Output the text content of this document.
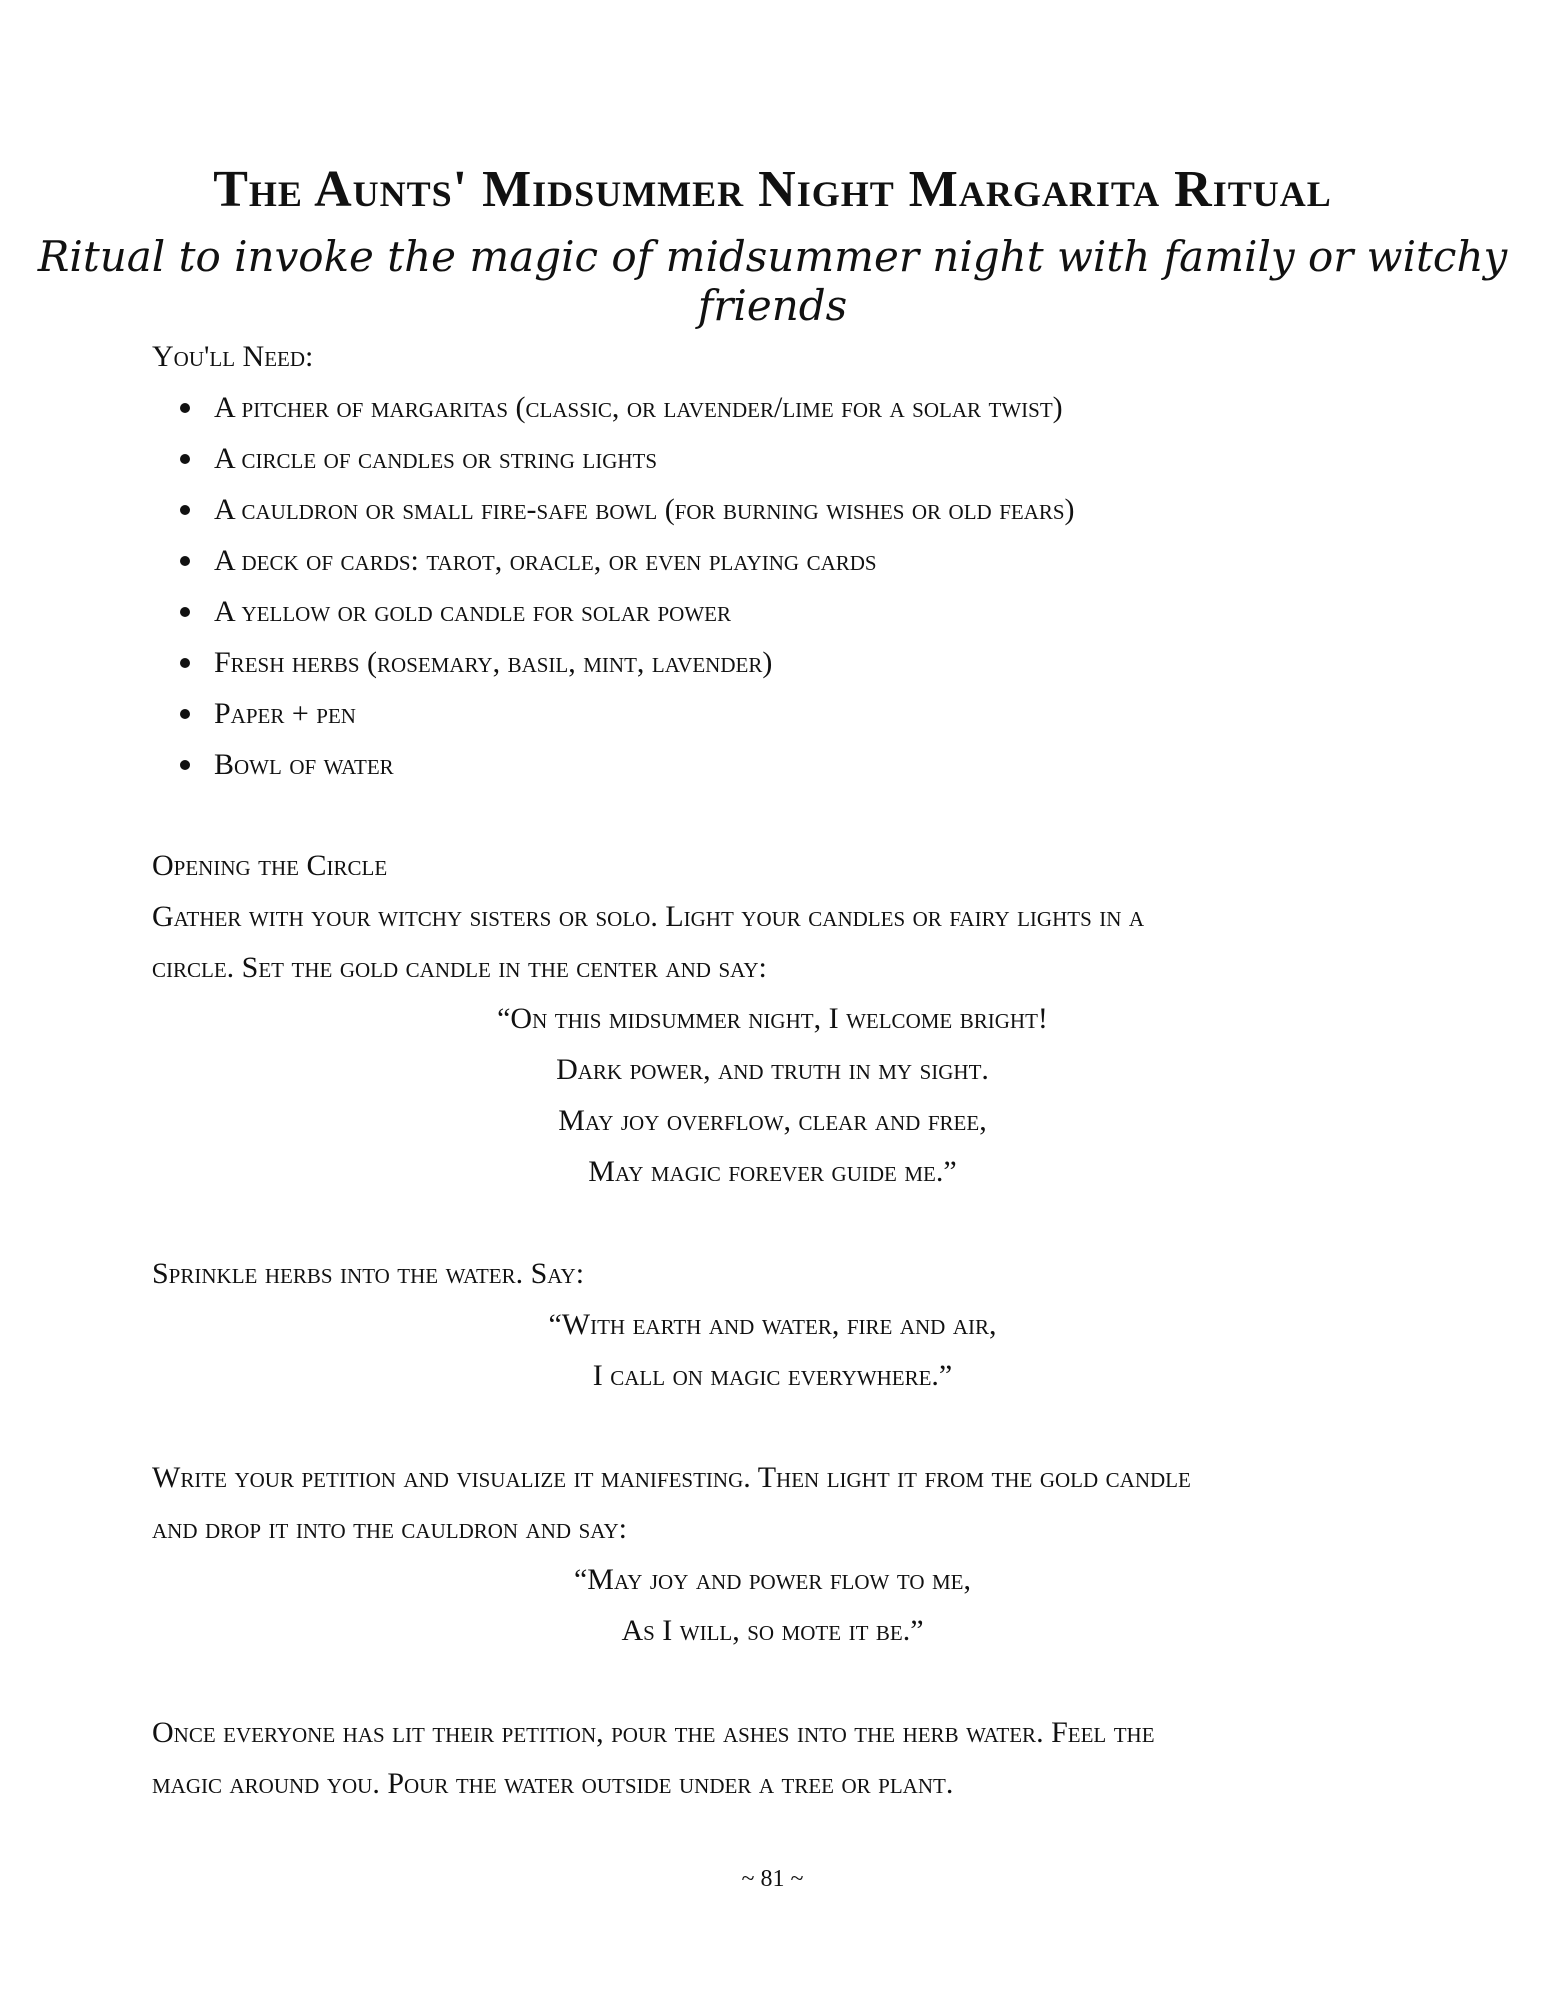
The Aunts' Midsummer Night Margarita Ritual
Ritual to invoke the magic of midsummer night with family or witchy friends
You'll Need:
A pitcher of margaritas (classic, or lavender/lime for a solar twist)
A circle of candles or string lights
A cauldron or small fire-safe bowl (for burning wishes or old fears)
A deck of cards: tarot, oracle, or even playing cards
A yellow or gold candle for solar power
Fresh herbs (rosemary, basil, mint, lavender)
Paper + pen
Bowl of water

Opening the Circle

Gather with your witchy sisters or solo. Light your candles or fairy lights in a

circle. Set the gold candle in the center and say:

“On this midsummer night, I welcome bright!

Dark power, and truth in my sight.

May joy overflow, clear and free,

May magic forever guide me.”

Sprinkle herbs into the water. Say:

“With earth and water, fire and air,

I call on magic everywhere.”

Write your petition and visualize it manifesting. Then light it from the gold candle

and drop it into the cauldron and say:

“May joy and power flow to me,

As I will, so mote it be.”

Once everyone has lit their petition, pour the ashes into the herb water. Feel the

magic around you. Pour the water outside under a tree or plant.

~ 81 ~
